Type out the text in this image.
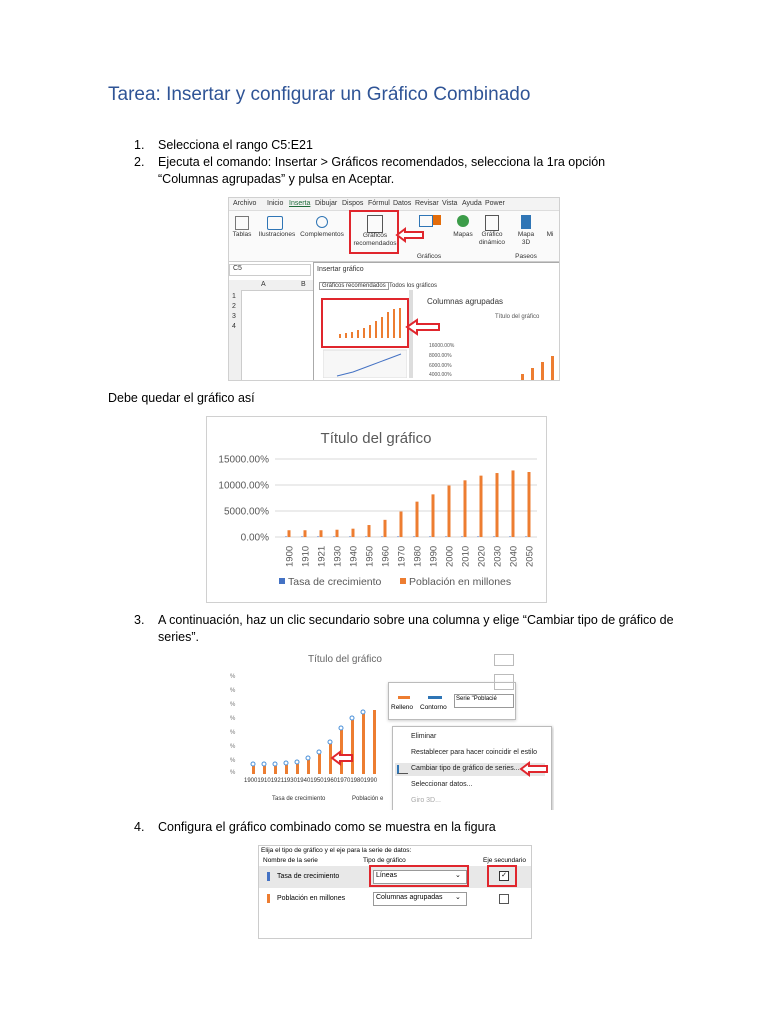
Tarea: Insertar y configurar un Gráfico Combinado
1. Selecciona el rango C5:E21
2. Ejecuta el comando: Insertar > Gráficos recomendados, selecciona la 1ra opción “Columnas agrupadas” y pulsa en Aceptar.
Archivo Inicio Inserta Dibujar Dispos Fórmul Datos Revisar Vista Ayuda Power
Tablas	Ilustraciones Complementos	Gráficos recomendados
Mapas	Gráfico dinámico
Mapa 3D
Mi
Gráficos	Paseos
C5
A	B
1
2
3
4
Insertar gráfico
Gráficos recomendados Todos los gráficos
Columnas agrupadas
Título del gráfico
16000.00%
8000.00%
6000.00%
4000.00%
Debe quedar el gráfico así
Título del gráfico
0.00%
5000.00%
10000.00%
15000.00%
1900 1910 1921 1930 1940 1950 1960 1970 1980 1990 2000 2010 2020 2030 2040 2050
Tasa de crecimiento	Población en millones
3. A continuación, haz un clic secundario sobre una columna y elige “Cambiar tipo de gráfico de series”.
Título del gráfico
%
%
%
%
%
%
%
%
1900191019211930194019501960197019801990
Tasa de crecimiento	Población e
Relleno Contorno
Serie "Poblacié
Eliminar
Restablecer para hacer coincidir el estilo
Cambiar tipo de gráfico de series...
Seleccionar datos...
Giro 3D...
4. Configura el gráfico combinado como se muestra en la figura
Elija el tipo de gráfico y el eje para la serie de datos:
Nombre de la serie	Tipo de gráfico	Eje secundario
Tasa de crecimiento	Líneas	⌄	✓
Población en millones	Columnas agrupadas ⌄
